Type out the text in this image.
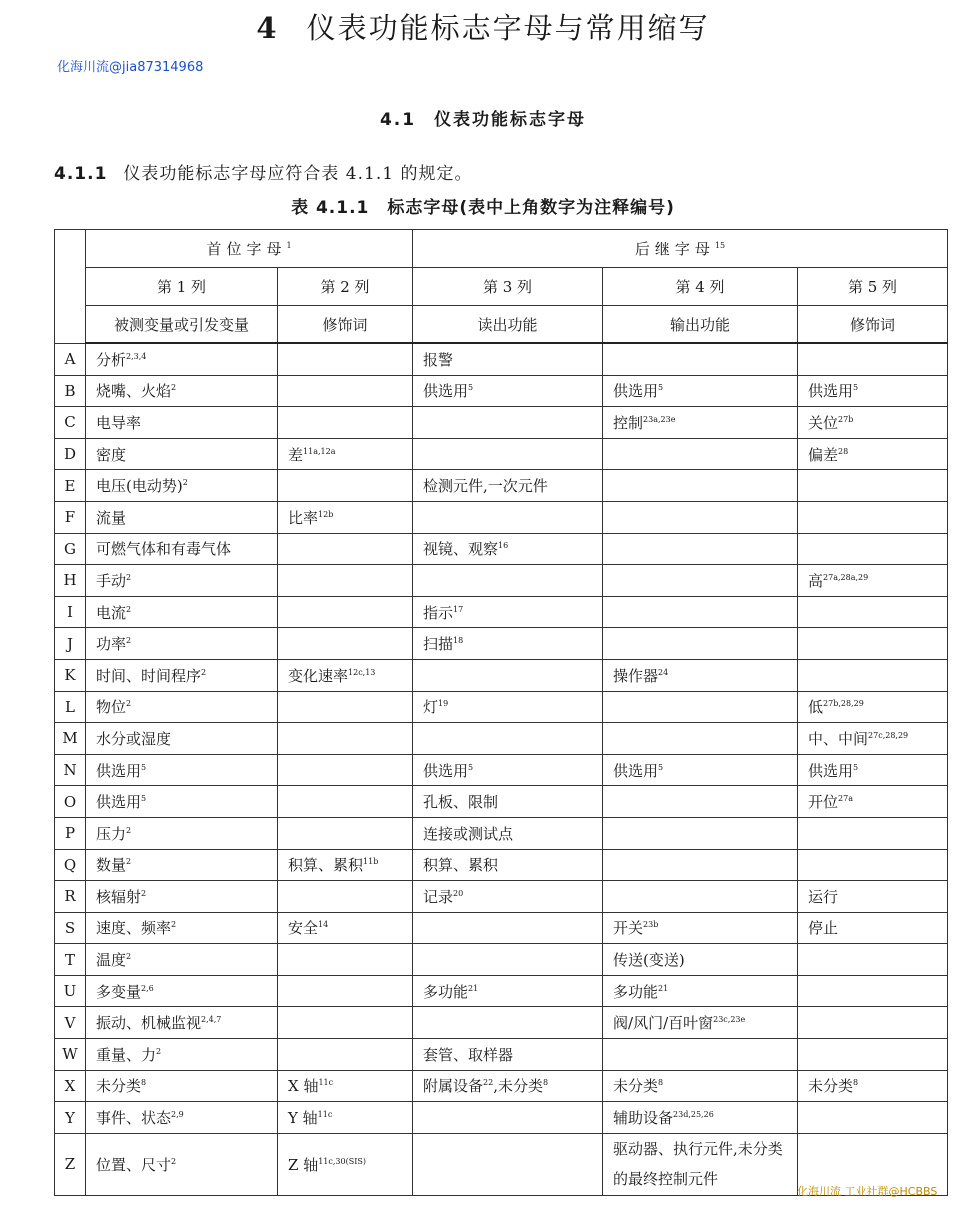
4 仪表功能标志字母与常用缩写
化海川流@jia87314968
4.1 仪表功能标志字母
4.1.1 仪表功能标志字母应符合表 4.1.1 的规定。
表 4.1.1 标志字母(表中上角数字为注释编号)
	首位字母$^1$		后继字母$^{15}$
	第 1 列	第 2 列	第 3 列	第 4 列	第 5 列
	被测变量或引发变量	修饰词	读出功能	输出功能	修饰词
A	分析$^{2,3,4}$		报警		
B	烧嘴、火焰$^2$		供选用$^5$	供选用$^5$	供选用$^5$
C	电导率			控制$^{23a,23e}$	关位$^{27b}$
D	密度	差$^{11a,12a}$			偏差$^{28}$
E	电压(电动势)$^2$		检测元件,一次元件		
F	流量	比率$^{12b}$			
G	可燃气体和有毒气体		视镜、观察$^{16}$		
H	手动$^2$				高$^{27a,28a,29}$
I	电流$^2$		指示$^{17}$		
J	功率$^2$		扫描$^{18}$		
K	时间、时间程序$^2$	变化速率$^{12c,13}$		操作器$^{24}$	
L	物位$^2$		灯$^{19}$		低$^{27b,28,29}$
M	水分或湿度				中、中间$^{27c,28,29}$
N	供选用$^5$		供选用$^5$	供选用$^5$	供选用$^5$
O	供选用$^5$		孔板、限制		开位$^{27a}$
P	压力$^2$		连接或测试点		
Q	数量$^2$	积算、累积$^{11b}$	积算、累积		
R	核辐射$^2$		记录$^{20}$		运行
S	速度、频率$^2$	安全$^{14}$		开关$^{23b}$	停止
T	温度$^2$			传送(变送)	
U	多变量$^{2,6}$		多功能$^{21}$	多功能$^{21}$	
V	振动、机械监视$^{2,4,7}$			阀/风门/百叶窗$^{23c,23e}$	
W	重量、力$^2$		套管、取样器		
X	未分类$^8$	X 轴$^{11c}$	附属设备$^{22}$,未分类$^8$	未分类$^8$	未分类$^8$
Y	事件、状态$^{2,9}$	Y 轴$^{11c}$		辅助设备$^{23d,25,26}$	
Z	位置、尺寸$^2$	Z 轴$^{11c,30(SIS)}$		驱动器、执行元件,未分类的最终控制元件	
化海川流 工业社群@HCBBS
